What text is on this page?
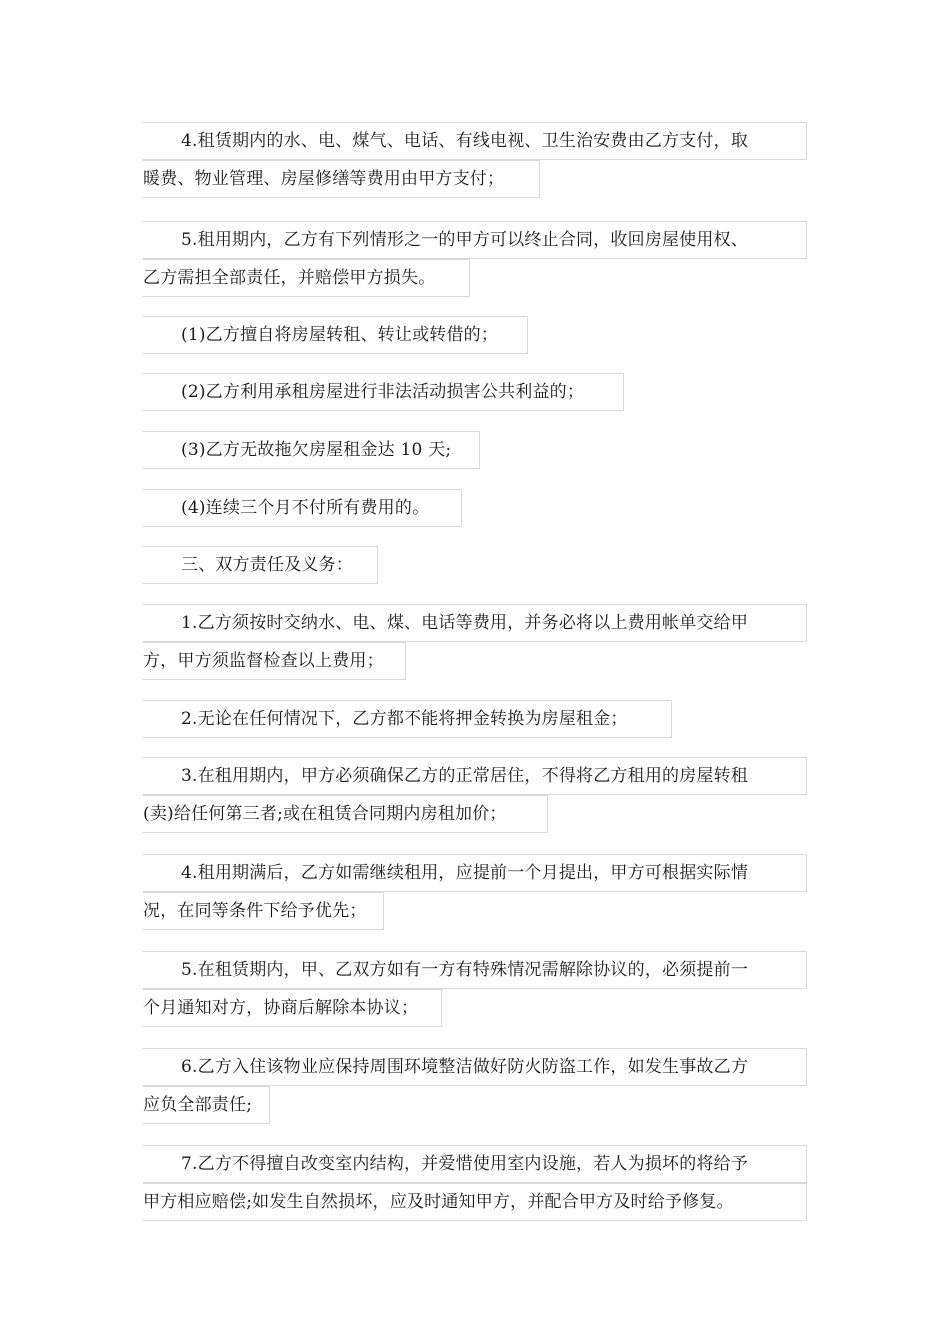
4.租赁期内的水、电、煤气、电话、有线电视、卫生治安费由乙方支付，取
暖费、物业管理、房屋修缮等费用由甲方支付；
5.租用期内，乙方有下列情形之一的甲方可以终止合同，收回房屋使用权、
乙方需担全部责任，并赔偿甲方损失。
(1)乙方擅自将房屋转租、转让或转借的；
(2)乙方利用承租房屋进行非法活动损害公共利益的；
(3)乙方无故拖欠房屋租金达 10 天;
(4)连续三个月不付所有费用的。
三、双方责任及义务：
1.乙方须按时交纳水、电、煤、电话等费用，并务必将以上费用帐单交给甲
方，甲方须监督检查以上费用；
2.无论在任何情况下，乙方都不能将押金转换为房屋租金；
3.在租用期内，甲方必须确保乙方的正常居住，不得将乙方租用的房屋转租
(卖)给任何第三者;或在租赁合同期内房租加价；
4.租用期满后，乙方如需继续租用，应提前一个月提出，甲方可根据实际情
况，在同等条件下给予优先；
5.在租赁期内，甲、乙双方如有一方有特殊情况需解除协议的，必须提前一
个月通知对方，协商后解除本协议；
6.乙方入住该物业应保持周围环境整洁做好防火防盗工作，如发生事故乙方
应负全部责任;
7.乙方不得擅自改变室内结构，并爱惜使用室内设施，若人为损坏的将给予
甲方相应赔偿;如发生自然损坏，应及时通知甲方，并配合甲方及时给予修复。
